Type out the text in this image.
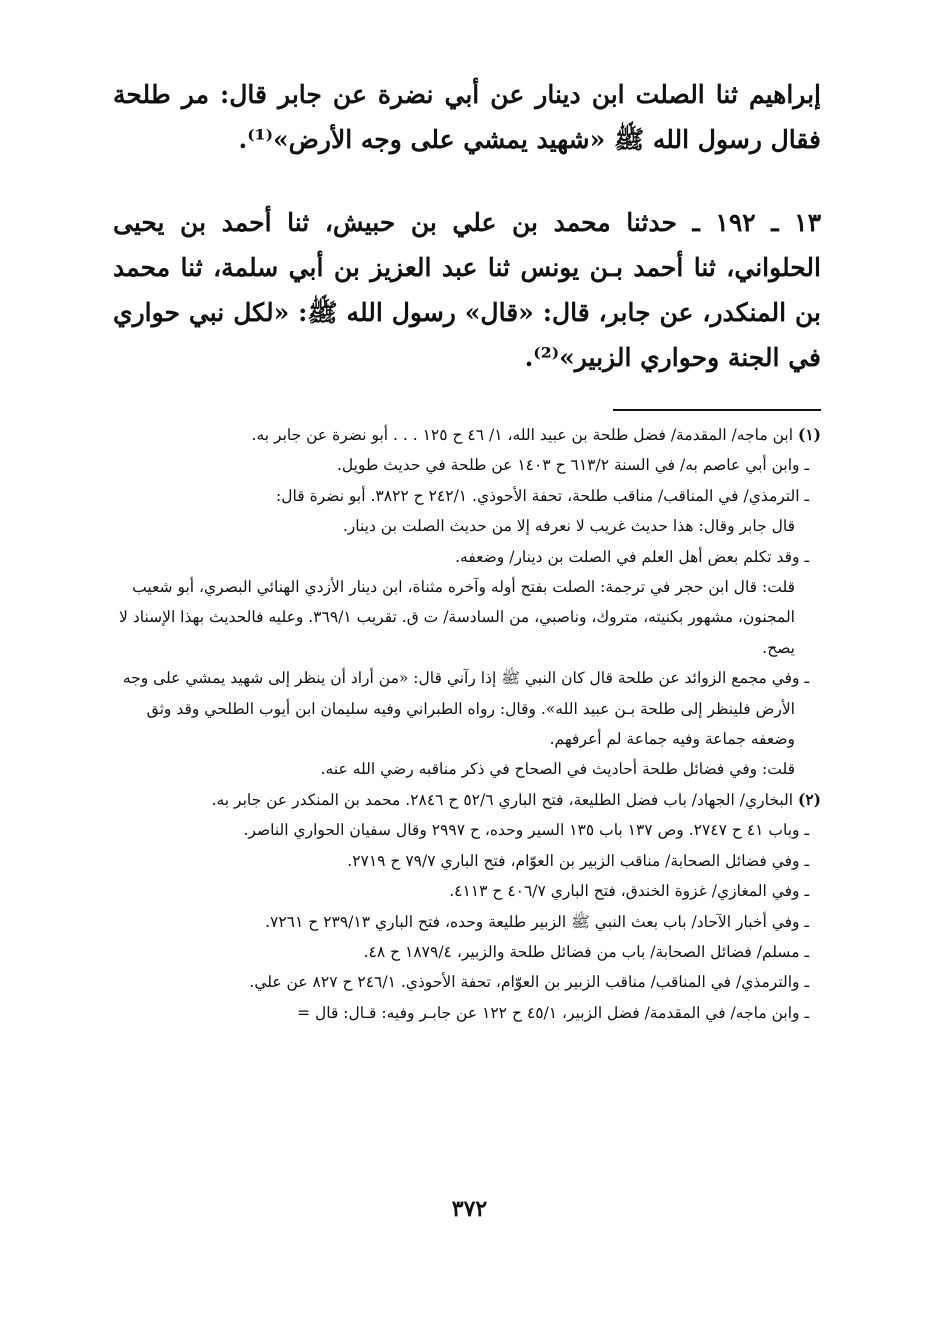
إبراهيم ثنا الصلت ابن دينار عن أبي نضرة عن جابر قال: مر طلحة فقال رسول الله ﷺ «شهيد يمشي على وجه الأرض»⁽¹⁾.

١٣ ـ ١٩٢ ـ حدثنا محمد بن علي بن حبيش، ثنا أحمد بن يحيى الحلواني، ثنا أحمد بـن يونس ثنا عبد العزيز بن أبي سلمة، ثنا محمد بن المنكدر، عن جابر، قال: «قال» رسول الله ﷺ: «لكل نبي حواري في الجنة وحواري الزبير»⁽²⁾.

(١) ابن ماجه/ المقدمة/ فضل طلحة بن عبيد الله، ١/ ٤٦ ح ١٢٥ . . . أبو نضرة عن جابر به.

ـ وابن أبي عاصم به/ في السنة ٦١٣/٢ ح ١٤٠٣ عن طلحة في حديث طويل.

ـ الترمذي/ في المناقب/ مناقب طلحة، تحفة الأحوذي. ٢٤٢/١ ح ٣٨٢٢. أبو نضرة قال:

قال جابر وقال: هذا حديث غريب لا نعرفه إلا من حديث الصلت بن دينار.

ـ وقد تكلم بعض أهل العلم في الصلت بن دينار/ وضعفه.

قلت: قال ابن حجر في ترجمة: الصلت بفتح أوله وآخره مثناة، ابن دينار الأزدي الهنائي البصري، أبو شعيب المجنون، مشهور بكنيته، متروك، وناصبي، من السادسة/ ت ق. تقريب ٣٦٩/١. وعليه فالحديث بهذا الإسناد لا يصح.

ـ وفي مجمع الزوائد عن طلحة قال كان النبي ﷺ إذا رآني قال: «من أراد أن ينظر إلى شهيد يمشي على وجه الأرض فلينظر إلى طلحة بـن عبيد الله». وقال: رواه الطبراني وفيه سليمان ابن أيوب الطلحي وقد وثق وضعفه جماعة وفيه جماعة لم أعرفهم.

قلت: وفي فضائل طلحة أحاديث في الصحاح في ذكر مناقبه رضي الله عنه.

(٢) البخاري/ الجهاد/ باب فضل الطليعة، فتح الباري ٥٢/٦ ح ٢٨٤٦. محمد بن المنكدر عن جابر به.

ـ وباب ٤١ ح ٢٧٤٧. وص ١٣٧ باب ١٣٥ السير وحده، ح ٢٩٩٧ وقال سفيان الحواري الناصر.

ـ وفي فضائل الصحابة/ مناقب الزبير بن العوّام، فتح الباري ٧٩/٧ ح ٢٧١٩.

ـ وفي المغازي/ غزوة الخندق، فتح الباري ٤٠٦/٧ ح ٤١١٣.

ـ وفي أخبار الآحاد/ باب بعث النبي ﷺ الزبير طليعة وحده، فتح الباري ٢٣٩/١٣ ح ٧٢٦١.

ـ مسلم/ فضائل الصحابة/ باب من فضائل طلحة والزبير، ١٨٧٩/٤ ح ٤٨.

ـ والترمذي/ في المناقب/ مناقب الزبير بن العوّام، تحفة الأحوذي. ٢٤٦/١ ح ٨٢٧ عن علي.

ـ وابن ماجه/ في المقدمة/ فضل الزبير، ٤٥/١ ح ١٢٢ عن جابـر وفيه: قـال: قال =

٣٧٢
